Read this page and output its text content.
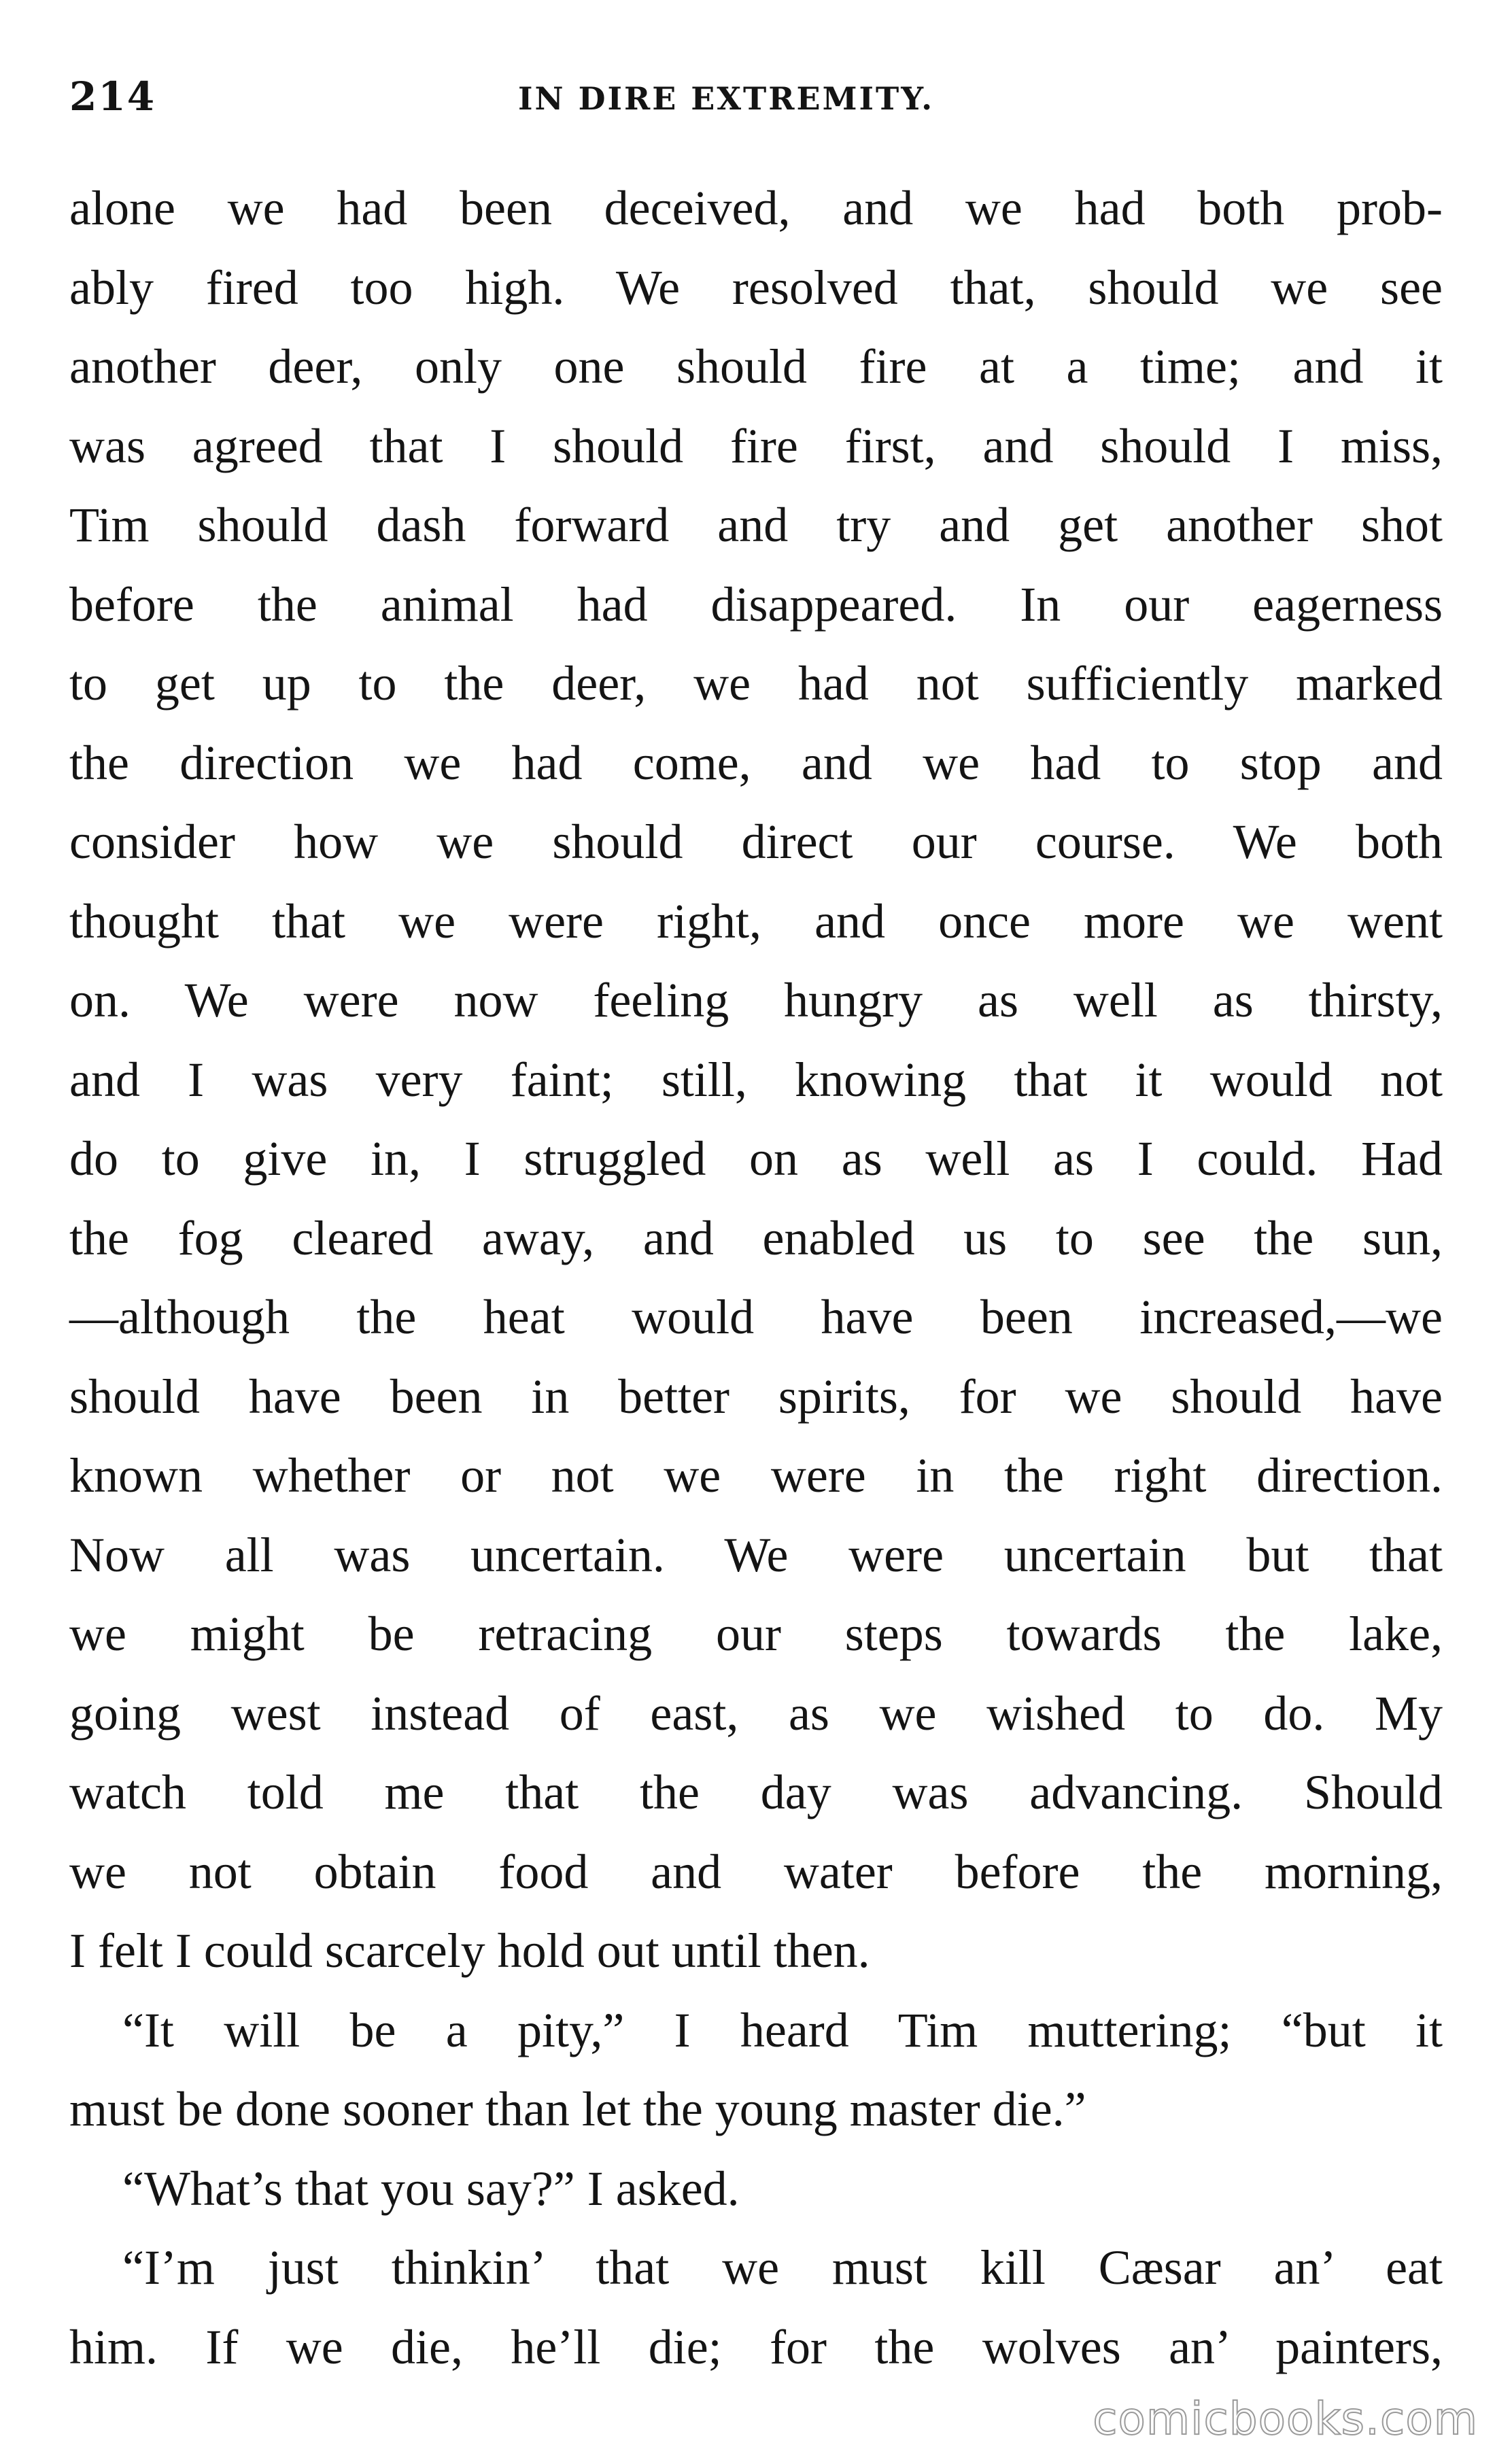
214	IN DIRE EXTREMITY.
alone we had been deceived, and we had both prob-
ably fired too high. We resolved that, should we see
another deer, only one should fire at a time; and it
was agreed that I should fire first, and should I miss,
Tim should dash forward and try and get another shot
before the animal had disappeared. In our eagerness
to get up to the deer, we had not sufficiently marked
the direction we had come, and we had to stop and
consider how we should direct our course. We both
thought that we were right, and once more we went
on. We were now feeling hungry as well as thirsty,
and I was very faint; still, knowing that it would not
do to give in, I struggled on as well as I could. Had
the fog cleared away, and enabled us to see the sun,
—although the heat would have been increased,—we
should have been in better spirits, for we should have
known whether or not we were in the right direction.
Now all was uncertain. We were uncertain but that
we might be retracing our steps towards the lake,
going west instead of east, as we wished to do. My
watch told me that the day was advancing. Should
we not obtain food and water before the morning,
I felt I could scarcely hold out until then.
“It will be a pity,” I heard Tim muttering; “but it
must be done sooner than let the young master die.”
“What’s that you say?” I asked.
“I’m just thinkin’ that we must kill Cæsar an’ eat
him. If we die, he’ll die; for the wolves an’ painters,
comicbooks.com
